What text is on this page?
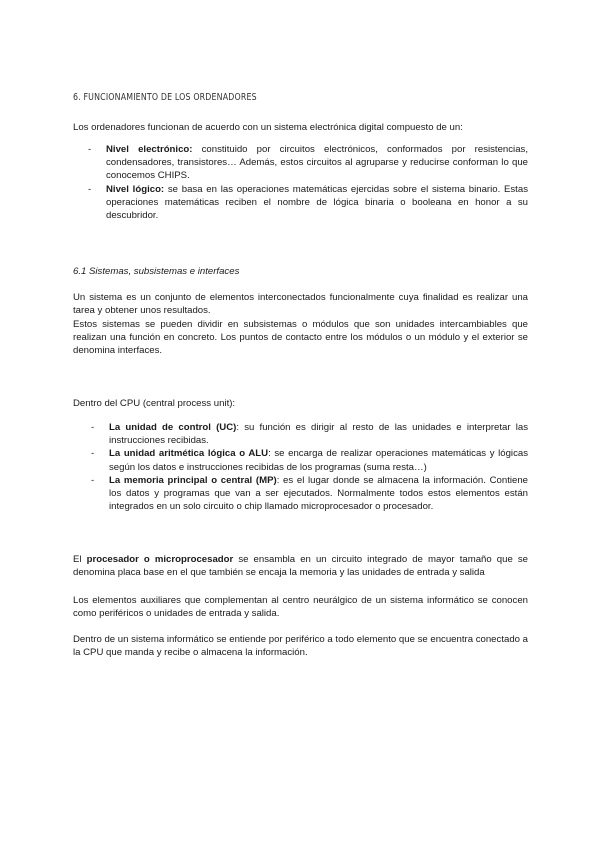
6. FUNCIONAMIENTO DE LOS ORDENADORES
Los ordenadores funcionan de acuerdo con un sistema electrónica digital compuesto de un:
- Nivel electrónico: constituido por circuitos electrónicos, conformados por resistencias, condensadores, transistores… Además, estos circuitos al agruparse y reducirse conforman lo que conocemos CHIPS.
- Nivel lógico: se basa en las operaciones matemáticas ejercidas sobre el sistema binario. Estas operaciones matemáticas reciben el nombre de lógica binaria o booleana en honor a su descubridor.
6.1 Sistemas, subsistemas e interfaces
Un sistema es un conjunto de elementos interconectados funcionalmente cuya finalidad es realizar una tarea y obtener unos resultados.
Estos sistemas se pueden dividir en subsistemas o módulos que son unidades intercambiables que realizan una función en concreto. Los puntos de contacto entre los módulos o un módulo y el exterior se denomina interfaces.
Dentro del CPU (central process unit):
- La unidad de control (UC): su función es dirigir al resto de las unidades e interpretar las instrucciones recibidas.
- La unidad aritmética lógica o ALU: se encarga de realizar operaciones matemáticas y lógicas según los datos e instrucciones recibidas de los programas (suma resta…)
- La memoria principal o central (MP): es el lugar donde se almacena la información. Contiene los datos y programas que van a ser ejecutados. Normalmente todos estos elementos están integrados en un solo circuito o chip llamado microprocesador o procesador.
El procesador o microprocesador se ensambla en un circuito integrado de mayor tamaño que se denomina placa base en el que también se encaja la memoria y las unidades de entrada y salida
Los elementos auxiliares que complementan al centro neurálgico de un sistema informático se conocen como periféricos o unidades de entrada y salida.
Dentro de un sistema informático se entiende por periférico a todo elemento que se encuentra conectado a la CPU que manda y recibe o almacena la información.
